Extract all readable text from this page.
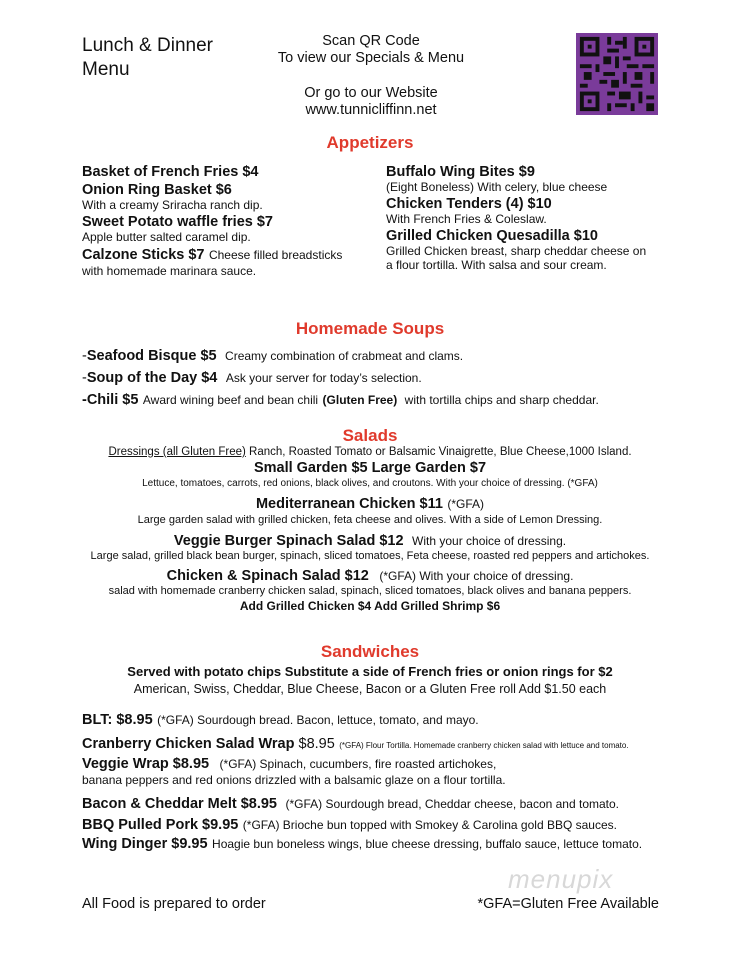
Lunch & Dinner
Menu
Scan QR Code
To view our Specials & Menu
Or go to our Website
www.tunnicliffinn.net
Appetizers
Basket of French Fries $4
Onion Ring Basket $6
With a creamy Sriracha ranch dip.
Sweet Potato waffle fries $7
Apple butter salted caramel dip.
Calzone Sticks $7 Cheese filled breadsticks
with homemade marinara sauce.
Buffalo Wing Bites $9
(Eight Boneless) With celery, blue cheese
Chicken Tenders (4) $10
With French Fries & Coleslaw.
Grilled Chicken Quesadilla $10
Grilled Chicken breast, sharp cheddar cheese on
a flour tortilla. With salsa and sour cream.
Homemade Soups
-Seafood Bisque $5 Creamy combination of crabmeat and clams.
-Soup of the Day $4 Ask your server for today’s selection.
-Chili $5 Award wining beef and bean chili (Gluten Free) with tortilla chips and sharp cheddar.
Salads
Dressings (all Gluten Free) Ranch, Roasted Tomato or Balsamic Vinaigrette, Blue Cheese,1000 Island.
Small Garden $5 Large Garden $7
Lettuce, tomatoes, carrots, red onions, black olives, and croutons. With your choice of dressing. (*GFA)
Mediterranean Chicken $11 (*GFA)
Large garden salad with grilled chicken, feta cheese and olives. With a side of Lemon Dressing.
Veggie Burger Spinach Salad $12 With your choice of dressing.
Large salad, grilled black bean burger, spinach, sliced tomatoes, Feta cheese, roasted red peppers and artichokes.
Chicken & Spinach Salad $12 (*GFA) With your choice of dressing.
salad with homemade cranberry chicken salad, spinach, sliced tomatoes, black olives and banana peppers.
Add Grilled Chicken $4 Add Grilled Shrimp $6
Sandwiches
Served with potato chips Substitute a side of French fries or onion rings for $2
American, Swiss, Cheddar, Blue Cheese, Bacon or a Gluten Free roll Add $1.50 each
BLT: $8.95 (*GFA) Sourdough bread. Bacon, lettuce, tomato, and mayo.
Cranberry Chicken Salad Wrap $8.95 (*GFA) Flour Tortilla. Homemade cranberry chicken salad with lettuce and tomato.
Veggie Wrap $8.95 (*GFA) Spinach, cucumbers, fire roasted artichokes,
banana peppers and red onions drizzled with a balsamic glaze on a flour tortilla.
Bacon & Cheddar Melt $8.95 (*GFA) Sourdough bread, Cheddar cheese, bacon and tomato.
BBQ Pulled Pork $9.95 (*GFA) Brioche bun topped with Smokey & Carolina gold BBQ sauces.
Wing Dinger $9.95 Hoagie bun boneless wings, blue cheese dressing, buffalo sauce, lettuce tomato.
menupix
All Food is prepared to order	*GFA=Gluten Free Available
